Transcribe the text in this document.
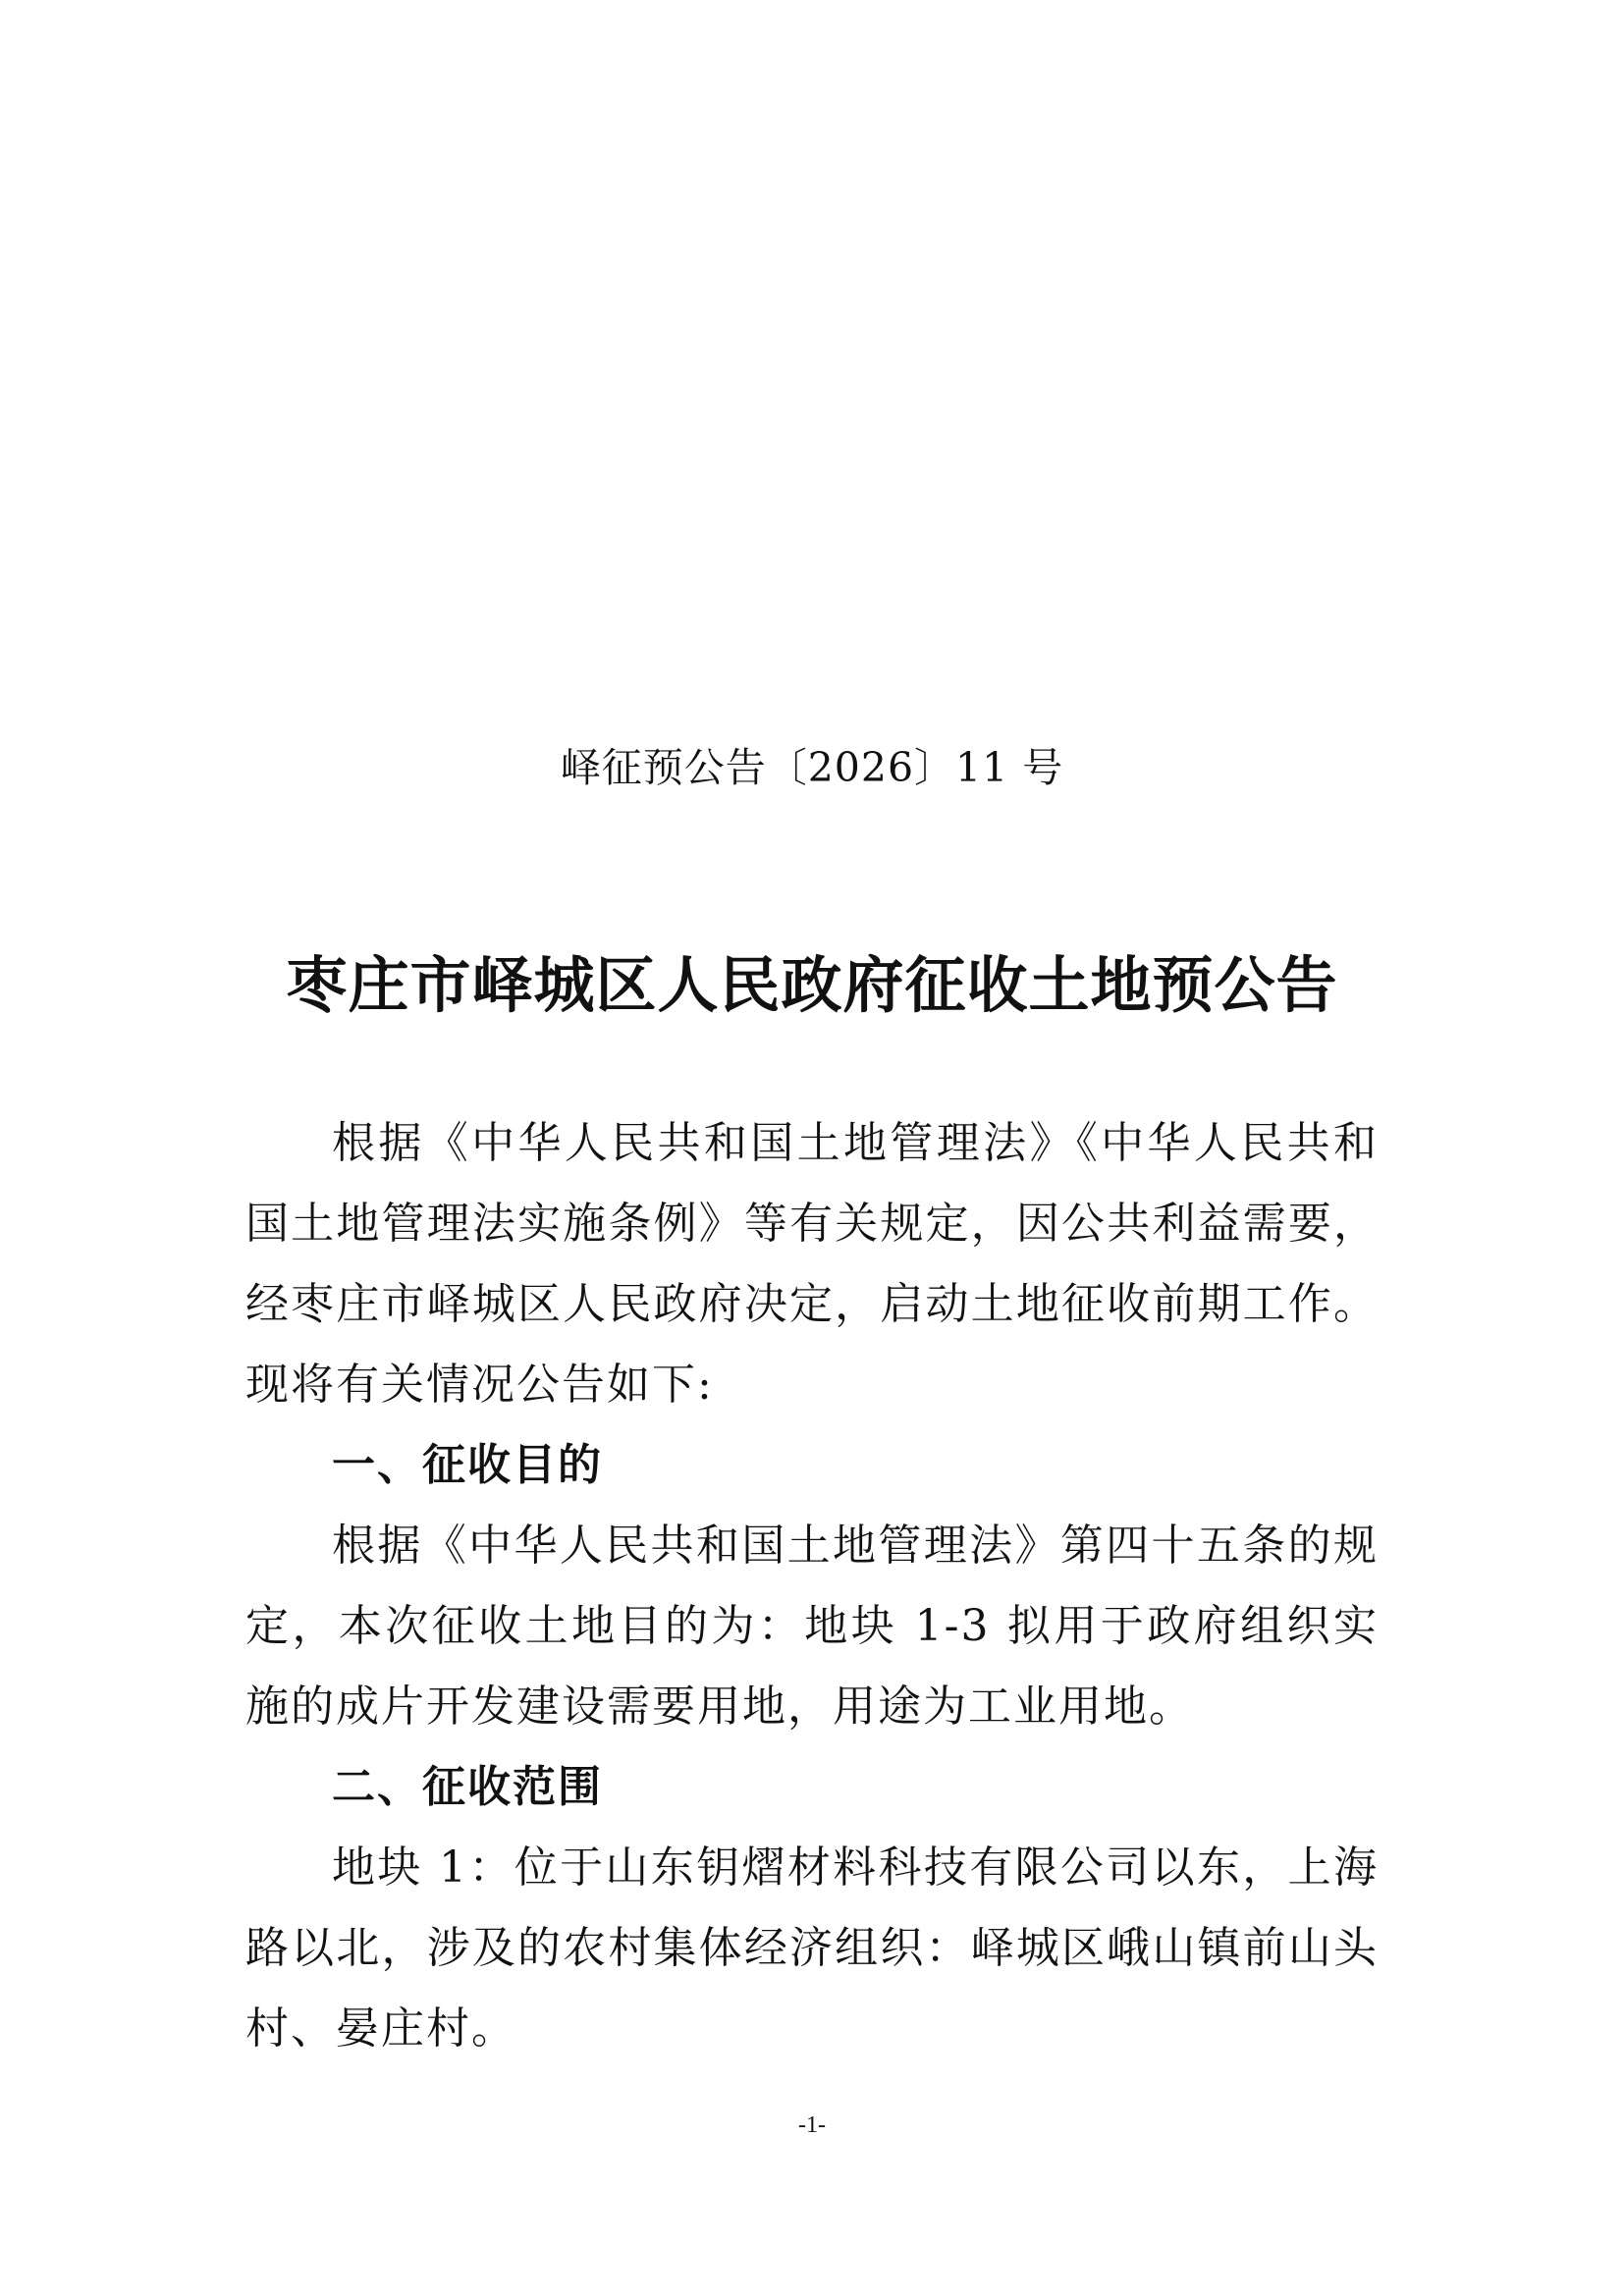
峄征预公告〔2026〕11 号
枣庄市峄城区人民政府征收土地预公告

根据《中华人民共和国土地管理法》《中华人民共和国土地管理法实施条例》等有关规定，因公共利益需要，经枣庄市峄城区人民政府决定，启动土地征收前期工作。现将有关情况公告如下:

一、征收目的

根据《中华人民共和国土地管理法》第四十五条的规定，本次征收土地目的为：地块 1-3 拟用于政府组织实施的成片开发建设需要用地，用途为工业用地。

二、征收范围

地块 1：位于山东钥熠材料科技有限公司以东，上海路以北，涉及的农村集体经济组织：峄城区峨山镇前山头村、晏庄村。

-1-
